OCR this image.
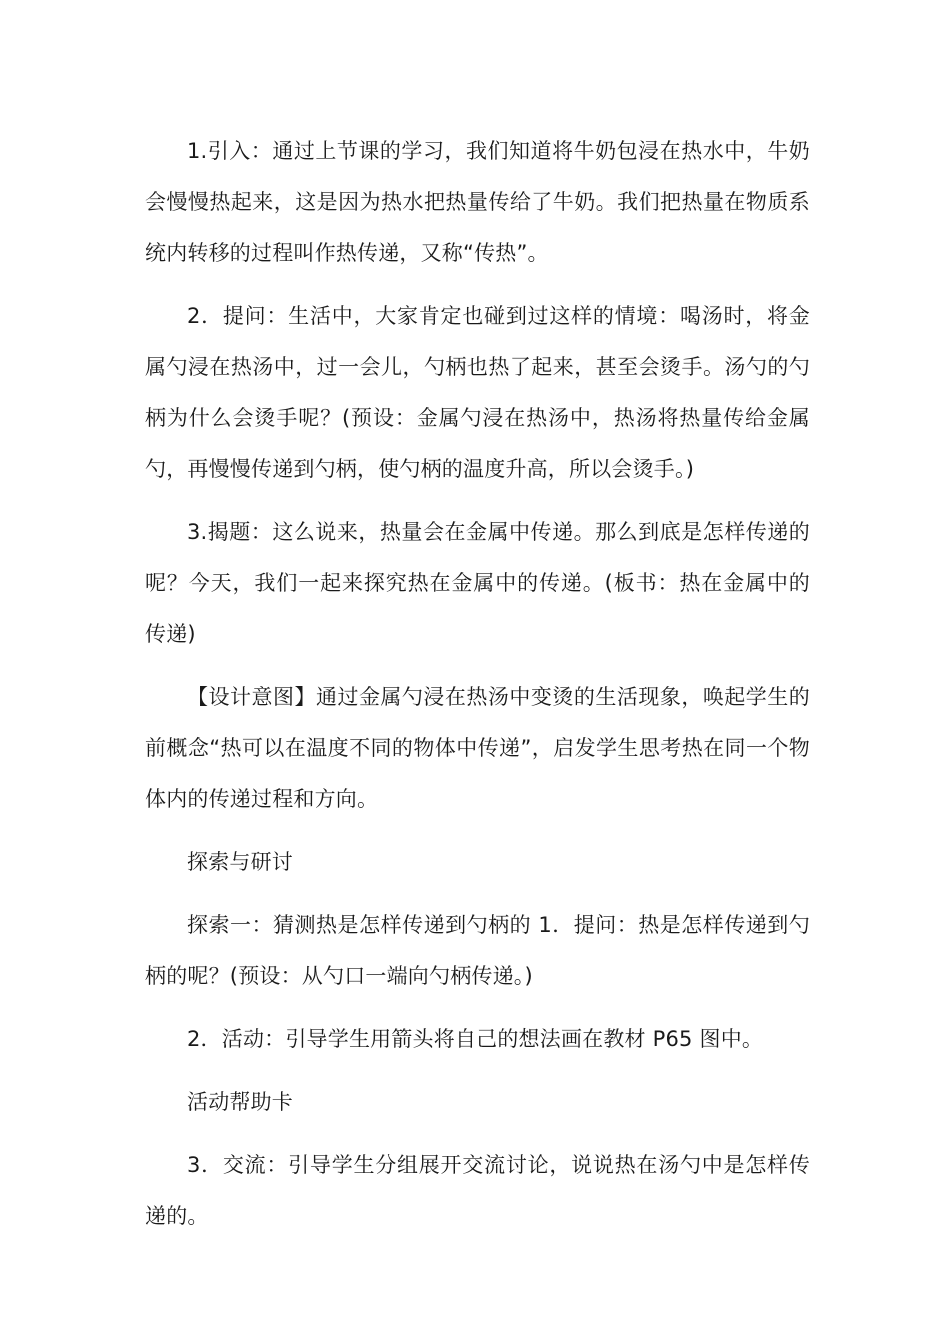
1.引入：通过上节课的学习，我们知道将牛奶包浸在热水中，牛奶会慢慢热起来，这是因为热水把热量传给了牛奶。我们把热量在物质系统内转移的过程叫作热传递，又称“传热”。

2．提问：生活中，大家肯定也碰到过这样的情境：喝汤时，将金属勺浸在热汤中，过一会儿，勺柄也热了起来，甚至会烫手。汤勺的勺柄为什么会烫手呢？(预设：金属勺浸在热汤中，热汤将热量传给金属勺，再慢慢传递到勺柄，使勺柄的温度升高，所以会烫手。)

3.揭题：这么说来，热量会在金属中传递。那么到底是怎样传递的呢？今天，我们一起来探究热在金属中的传递。(板书：热在金属中的传递)

【设计意图】通过金属勺浸在热汤中变烫的生活现象，唤起学生的前概念“热可以在温度不同的物体中传递”，启发学生思考热在同一个物体内的传递过程和方向。

探索与研讨

探索一：猜测热是怎样传递到勺柄的 1．提问：热是怎样传递到勺柄的呢？(预设：从勺口一端向勺柄传递。)

2．活动：引导学生用箭头将自己的想法画在教材 P65 图中。

活动帮助卡

3．交流：引导学生分组展开交流讨论，说说热在汤勺中是怎样传递的。
